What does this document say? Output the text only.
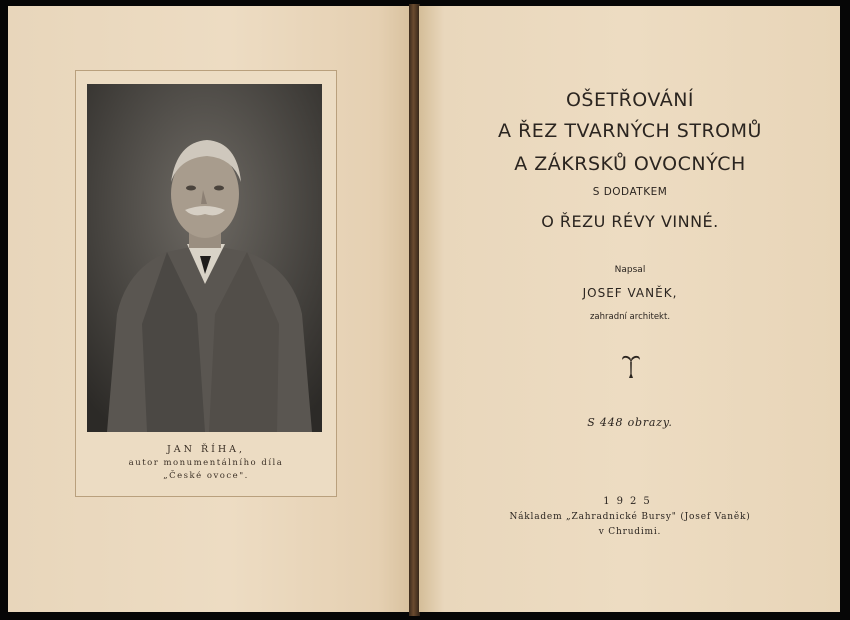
JAN ŘÍHA,
autor monumentálního díla
„České ovoce".
OŠETŘOVÁNÍ
A ŘEZ TVARNÝCH STROMŮ
A ZÁKRSKŮ OVOCNÝCH
S DODATKEM
O ŘEZU RÉVY VINNÉ.
Napsal
JOSEF VANĚK,
zahradní architekt.
S 448 obrazy.
1925
Nákladem „Zahradnické Bursy" (Josef Vaněk)
v Chrudimi.
